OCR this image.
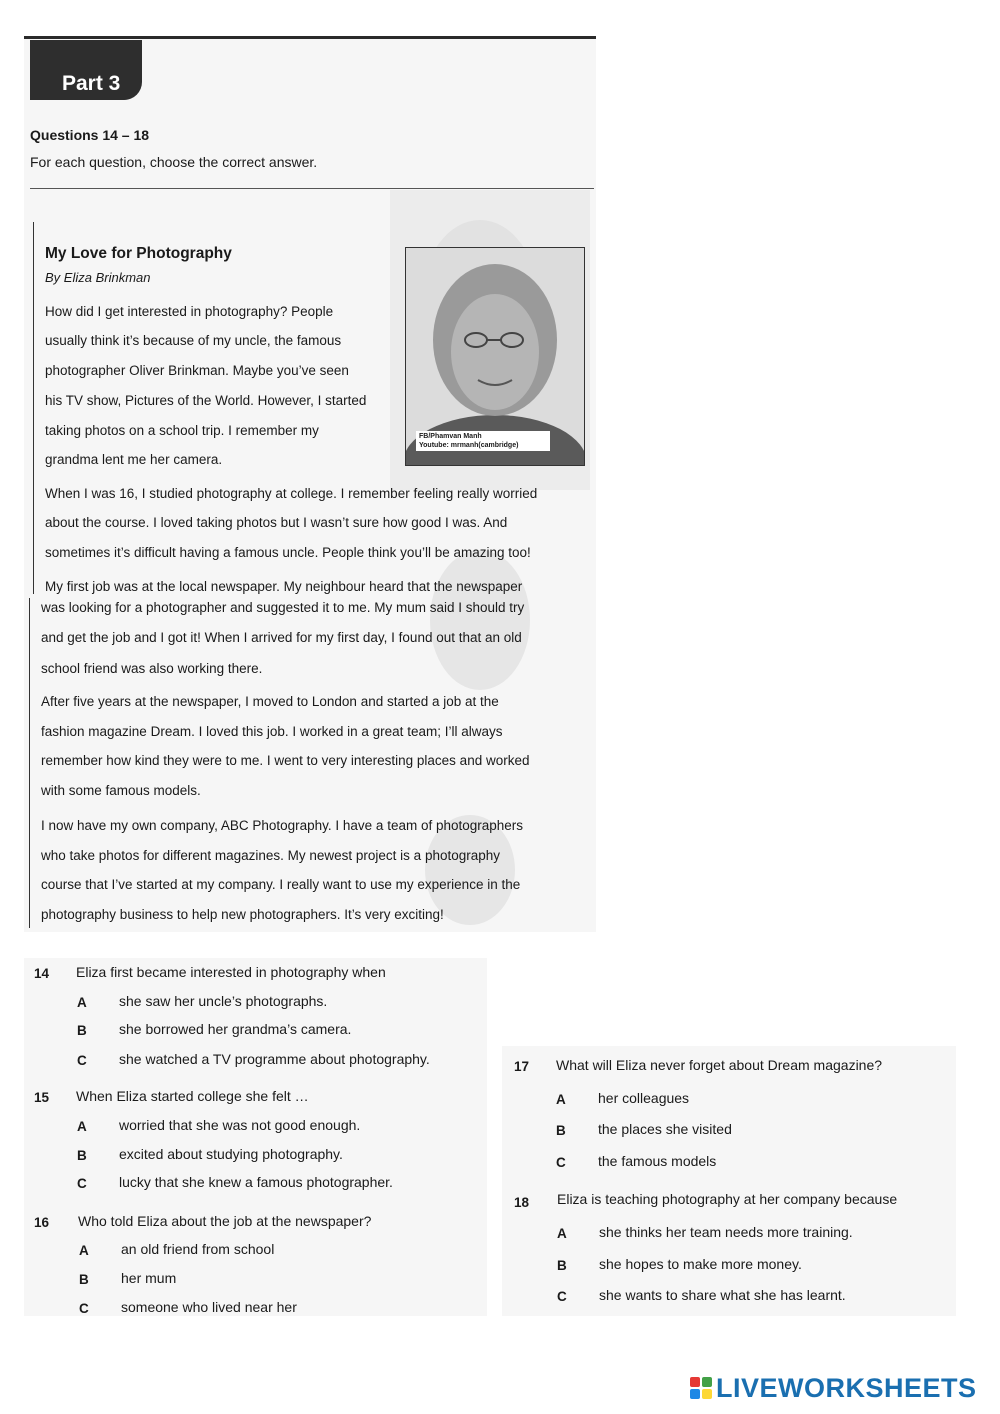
Part 3
Questions 14 – 18
For each question, choose the correct answer.
My Love for Photography
By Eliza Brinkman
How did I get interested in photography? People
usually think it’s because of my uncle, the famous
photographer Oliver Brinkman. Maybe you’ve seen
his TV show, Pictures of the World. However, I started
taking photos on a school trip. I remember my
grandma lent me her camera.
When I was 16, I studied photography at college. I remember feeling really worried
about the course. I loved taking photos but I wasn’t sure how good I was. And
sometimes it’s difficult having a famous uncle. People think you’ll be amazing too!
My first job was at the local newspaper. My neighbour heard that the newspaper
was looking for a photographer and suggested it to me. My mum said I should try
and get the job and I got it! When I arrived for my first day, I found out that an old
school friend was also working there.
After five years at the newspaper, I moved to London and started a job at the
fashion magazine Dream. I loved this job. I worked in a great team; I’ll always
remember how kind they were to me. I went to very interesting places and worked
with some famous models.
I now have my own company, ABC Photography. I have a team of photographers
who take photos for different magazines. My newest project is a photography
course that I’ve started at my company. I really want to use my experience in the
photography business to help new photographers. It’s very exciting!
FB/Phamvan Manh
Youtube: mrmanh(cambridge)
14 Eliza first became interested in photography when
A she saw her uncle’s photographs.
B she borrowed her grandma’s camera.
C she watched a TV programme about photography.
15 When Eliza started college she felt …
A worried that she was not good enough.
B excited about studying photography.
C lucky that she knew a famous photographer.
16 Who told Eliza about the job at the newspaper?
A an old friend from school
B her mum
C someone who lived near her
17 What will Eliza never forget about Dream magazine?
A her colleagues
B the places she visited
C the famous models
18 Eliza is teaching photography at her company because
A she thinks her team needs more training.
B she hopes to make more money.
C she wants to share what she has learnt.
LIVEWORKSHEETS
